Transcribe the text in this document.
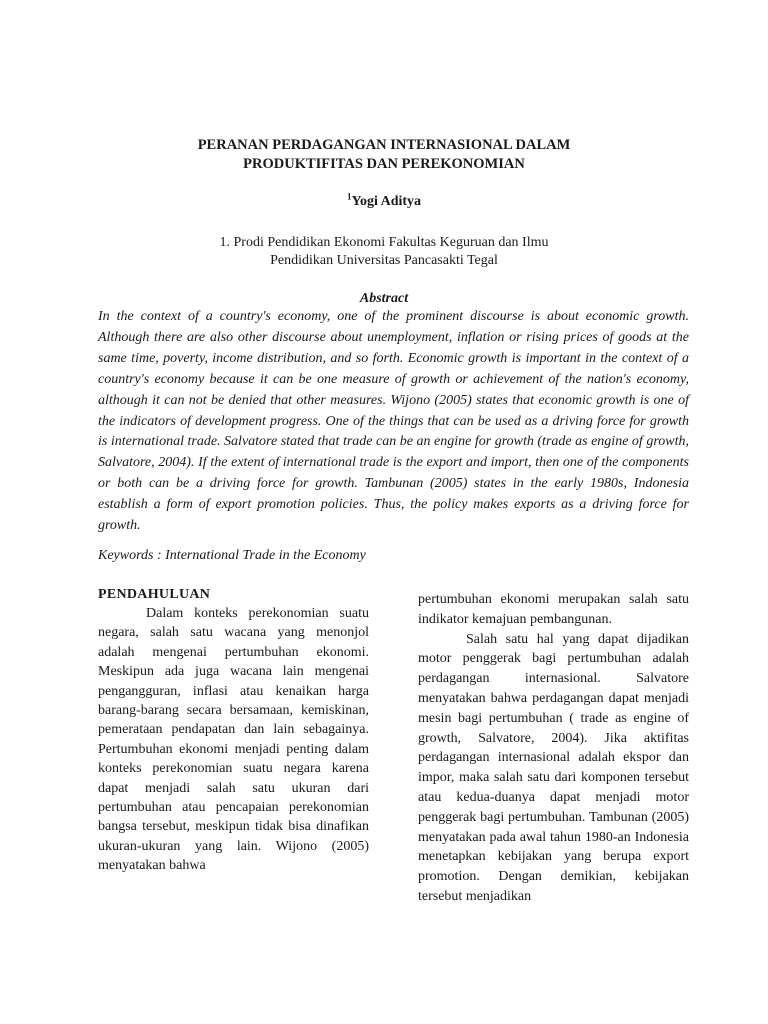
PERANAN PERDAGANGAN INTERNASIONAL DALAM
PRODUKTIFITAS DAN PEREKONOMIAN
$^1$Yogi Aditya
1. Prodi Pendidikan Ekonomi Fakultas Keguruan dan Ilmu
Pendidikan Universitas Pancasakti Tegal
Abstract

In the context of a country's economy, one of the prominent discourse is about economic growth. Although there are also other discourse about unemployment, inflation or rising prices of goods at the same time, poverty, income distribution, and so forth. Economic growth is important in the context of a country's economy because it can be one measure of growth or achievement of the nation's economy, although it can not be denied that other measures. Wijono (2005) states that economic growth is one of the indicators of development progress. One of the things that can be used as a driving force for growth is international trade. Salvatore stated that trade can be an engine for growth (trade as engine of growth, Salvatore, 2004). If the extent of international trade is the export and import, then one of the components or both can be a driving force for growth. Tambunan (2005) states in the early 1980s, Indonesia establish a form of export promotion policies. Thus, the policy makes exports as a driving force for growth.

Keywords : International Trade in the Economy
PENDAHULUAN

Dalam konteks perekonomian suatu negara, salah satu wacana yang menonjol adalah mengenai pertumbuhan ekonomi. Meskipun ada juga wacana lain mengenai pengangguran, inflasi atau kenaikan harga barang-barang secara bersamaan, kemiskinan, pemerataan pendapatan dan lain sebagainya. Pertumbuhan ekonomi menjadi penting dalam konteks perekonomian suatu negara karena dapat menjadi salah satu ukuran dari pertumbuhan atau pencapaian perekonomian bangsa tersebut, meskipun tidak bisa dinafikan ukuran-ukuran yang lain. Wijono (2005) menyatakan bahwa

pertumbuhan ekonomi merupakan salah satu indikator kemajuan pembangunan.

Salah satu hal yang dapat dijadikan motor penggerak bagi pertumbuhan adalah perdagangan internasional. Salvatore menyatakan bahwa perdagangan dapat menjadi mesin bagi pertumbuhan ( trade as engine of growth, Salvatore, 2004). Jika aktifitas perdagangan internasional adalah ekspor dan impor, maka salah satu dari komponen tersebut atau kedua-duanya dapat menjadi motor penggerak bagi pertumbuhan. Tambunan (2005) menyatakan pada awal tahun 1980-an Indonesia menetapkan kebijakan yang berupa export promotion. Dengan demikian, kebijakan tersebut menjadikan
